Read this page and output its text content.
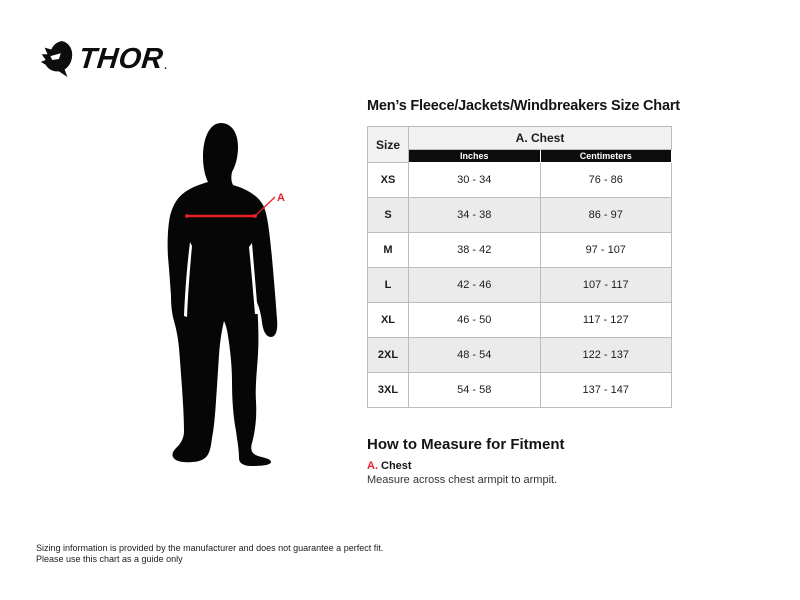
THOR .
A
Men’s Fleece/Jackets/Windbreakers Size Chart
Size	A. Chest	
	Inches	Centimeters
XS	30 - 34	76 - 86
S	34 - 38	86 - 97
M	38 - 42	97 - 107
L	42 - 46	107 - 117
XL	46 - 50	117 - 127
2XL	48 - 54	122 - 137
3XL	54 - 58	137 - 147
How to Measure for Fitment
A. Chest
Measure across chest armpit to armpit.
Sizing information is provided by the manufacturer and does not guarantee a perfect fit.
Please use this chart as a guide only
